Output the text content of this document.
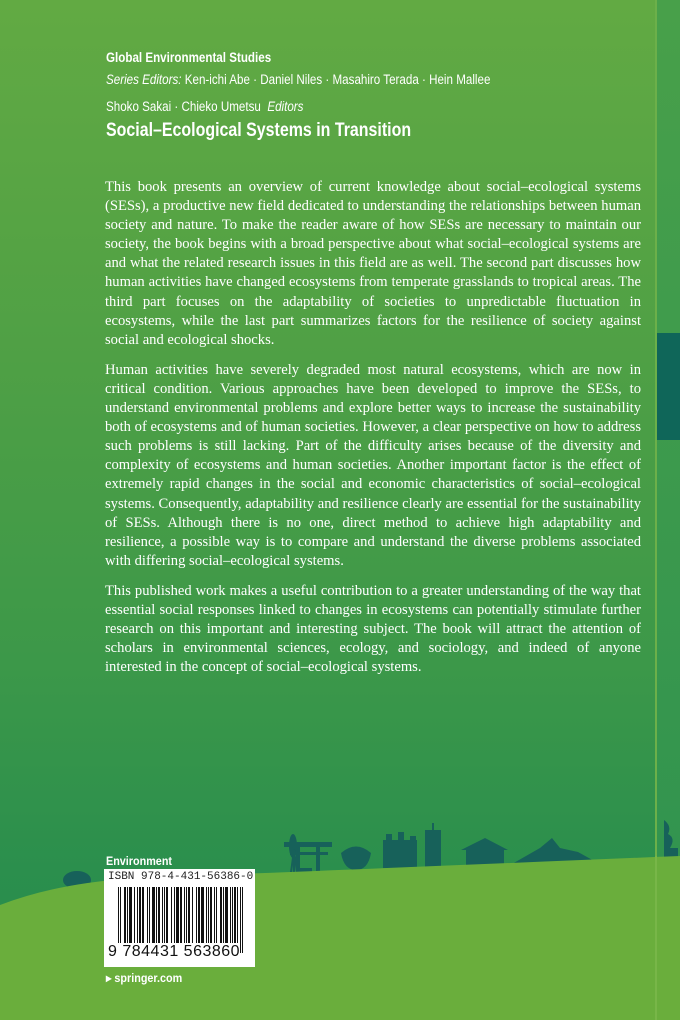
Global Environmental Studies
Series Editors: Ken-ichi Abe · Daniel Niles · Masahiro Terada · Hein Mallee
Shoko Sakai · Chieko Umetsu Editors
Social–Ecological Systems in Transition

This book presents an overview of current knowledge about social–ecological systems (SESs), a productive new field dedicated to understanding the relationships between human society and nature. To make the reader aware of how SESs are necessary to maintain our society, the book begins with a broad perspective about what social–ecological systems are and what the related research issues in this field are as well. The second part discusses how human activities have changed ecosystems from temperate grasslands to tropical areas. The third part focuses on the adaptability of societies to unpredictable fluctuation in ecosystems, while the last part summarizes factors for the resilience of society against social and ecological shocks.

Human activities have severely degraded most natural ecosystems, which are now in critical condition. Various approaches have been developed to improve the SESs, to understand environmental problems and explore better ways to increase the sustainability both of ecosystems and of human societies. However, a clear perspective on how to address such problems is still lacking. Part of the difficulty arises because of the diversity and complexity of ecosystems and human societies. Another important factor is the effect of extremely rapid changes in the social and economic characteristics of social–ecological systems. Consequently, adaptability and resilience clearly are essential for the sustainability of SESs. Although there is no one, direct method to achieve high adaptability and resilience, a possible way is to compare and understand the diverse problems associated with differing social–ecological systems.

This published work makes a useful contribution to a greater understanding of the way that essential social responses linked to changes in ecosystems can potentially stimulate further research on this important and interesting subject. The book will attract the attention of scholars in environmental sciences, ecology, and sociology, and indeed of anyone interested in the concept of social–ecological systems.

Environment
ISBN 978-4-431-56386-0
9 784431 563860
▸ springer.com
